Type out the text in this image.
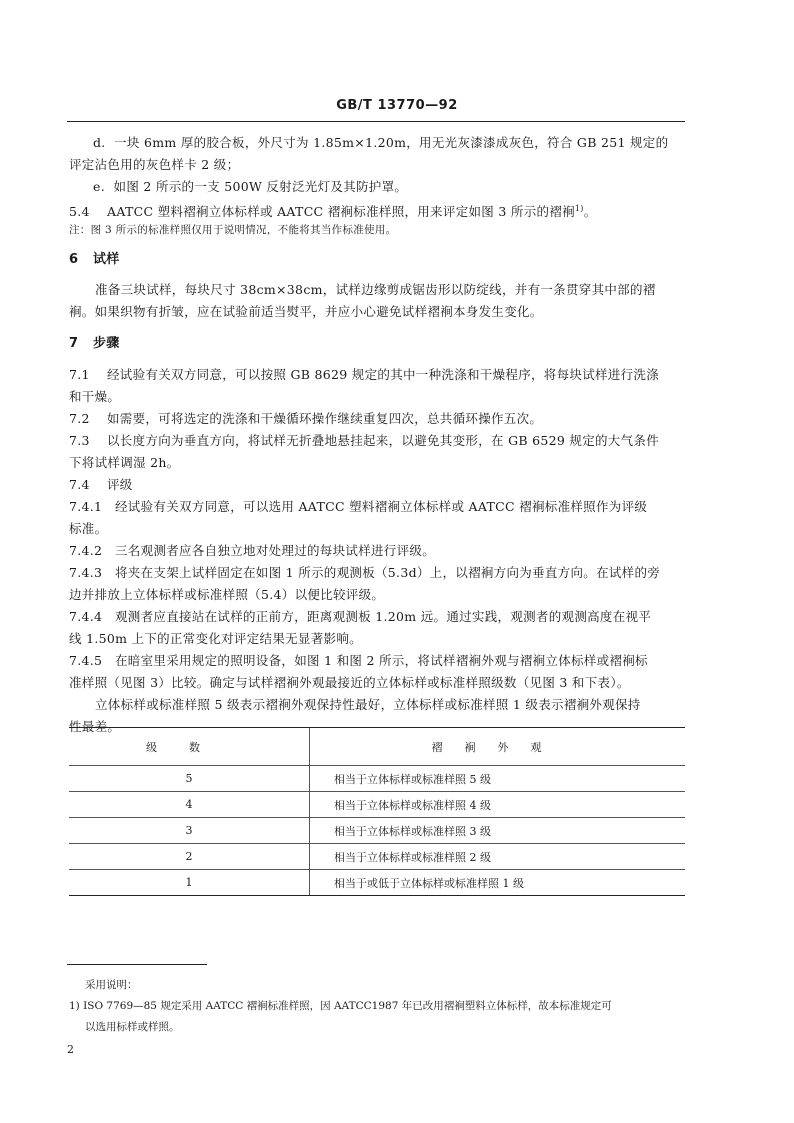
GB/T 13770—92

d. 一块 6mm 厚的胶合板，外尺寸为 1.85m×1.20m，用无光灰漆漆成灰色，符合 GB 251 规定的

评定沾色用的灰色样卡 2 级；

e. 如图 2 所示的一支 500W 反射泛光灯及其防护罩。

5.4 AATCC 塑料褶裥立体标样或 AATCC 褶裥标准样照，用来评定如图 3 所示的褶裥$^{1)}$。

注：图 3 所示的标准样照仅用于说明情况，不能将其当作标准使用。

6 试样

准备三块试样，每块尺寸 38cm×38cm，试样边缘剪成锯齿形以防绽线，并有一条贯穿其中部的褶

裥。如果织物有折皱，应在试验前适当熨平，并应小心避免试样褶裥本身发生变化。

7 步骤

7.1 经试验有关双方同意，可以按照 GB 8629 规定的其中一种洗涤和干燥程序，将每块试样进行洗涤

和干燥。

7.2 如需要，可将选定的洗涤和干燥循环操作继续重复四次，总共循环操作五次。

7.3 以长度方向为垂直方向，将试样无折叠地悬挂起来，以避免其变形，在 GB 6529 规定的大气条件

下将试样调湿 2h。

7.4 评级

7.4.1 经试验有关双方同意，可以选用 AATCC 塑料褶裥立体标样或 AATCC 褶裥标准样照作为评级

标准。

7.4.2 三名观测者应各自独立地对处理过的每块试样进行评级。

7.4.3 将夹在支架上试样固定在如图 1 所示的观测板（5.3d）上，以褶裥方向为垂直方向。在试样的旁

边并排放上立体标样或标准样照（5.4）以便比较评级。

7.4.4 观测者应直接站在试样的正前方，距离观测板 1.20m 远。通过实践，观测者的观测高度在视平

线 1.50m 上下的正常变化对评定结果无显著影响。

7.4.5 在暗室里采用规定的照明设备，如图 1 和图 2 所示，将试样褶裥外观与褶裥立体标样或褶裥标

准样照（见图 3）比较。确定与试样褶裥外观最接近的立体标样或标准样照级数（见图 3 和下表）。

立体标样或标准样照 5 级表示褶裥外观保持性最好，立体标样或标准样照 1 级表示褶裥外观保持

性最差。

级数	褶裥外观
5	相当于立体标样或标准样照 5 级
4	相当于立体标样或标准样照 4 级
3	相当于立体标样或标准样照 3 级
2	相当于立体标样或标准样照 2 级
1	相当于或低于立体标样或标准样照 1 级
采用说明：
1) ISO 7769—85 规定采用 AATCC 褶裥标准样照，因 AATCC1987 年已改用褶裥塑料立体标样，故本标准规定可
以选用标样或样照。
2
